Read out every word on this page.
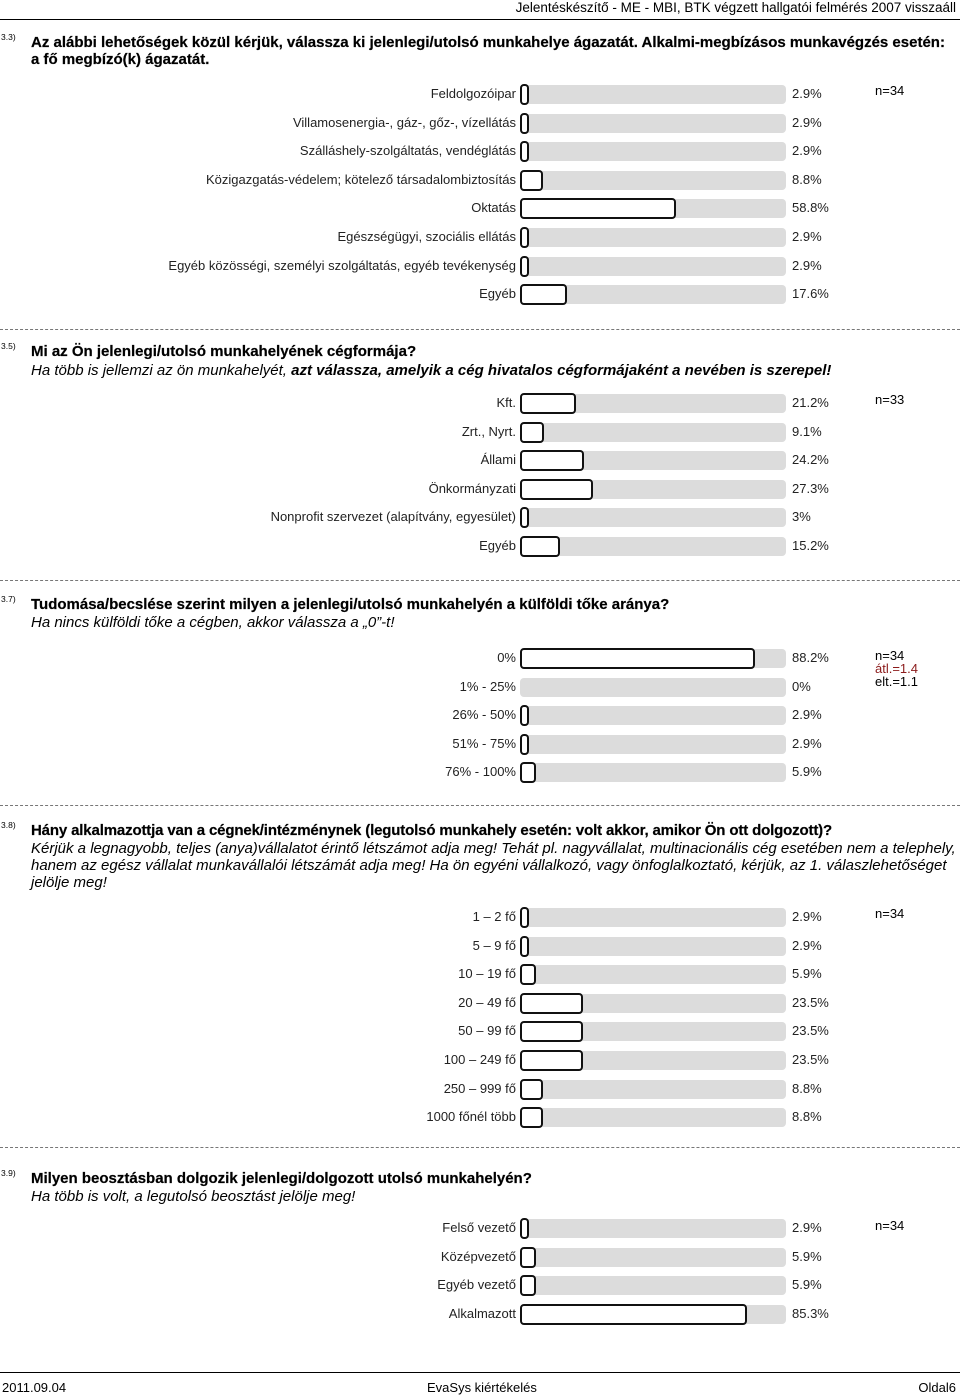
Jelentéskészítő - ME - MBI, BTK végzett hallgatói felmérés 2007 visszaáll
3.3) Az alábbi lehetőségek közül kérjük, válassza ki jelenlegi/utolsó munkahelye ágazatát. Alkalmi-megbízásos munkavégzés esetén: a fő megbízó(k) ágazatát.
n=34
Feldolgozóipar	2.9%
Villamosenergia-, gáz-, gőz-, vízellátás	2.9%
Szálláshely-szolgáltatás, vendéglátás	2.9%
Közigazgatás-védelem; kötelező társadalombiztosítás	8.8%
Oktatás	58.8%
Egészségügyi, szociális ellátás	2.9%
Egyéb közösségi, személyi szolgáltatás, egyéb tevékenység	2.9%
Egyéb	17.6%
3.5) Mi az Ön jelenlegi/utolsó munkahelyének cégformája?
Ha több is jellemzi az ön munkahelyét, azt válassza, amelyik a cég hivatalos cégformájaként a nevében is szerepel!
n=33
Kft.	21.2%
Zrt., Nyrt.	9.1%
Állami	24.2%
Önkormányzati	27.3%
Nonprofit szervezet (alapítvány, egyesület)	3%
Egyéb	15.2%
3.7) Tudomása/becslése szerint milyen a jelenlegi/utolsó munkahelyén a külföldi tőke aránya?
Ha nincs külföldi tőke a cégben, akkor válassza a „0”-t!
n=34
átl.=1.4
elt.=1.1
0%	88.2%
1% - 25%	0%
26% - 50%	2.9%
51% - 75%	2.9%
76% - 100%	5.9%
3.8) Hány alkalmazottja van a cégnek/intézménynek (legutolsó munkahely esetén: volt akkor, amikor Ön ott dolgozott)?
Kérjük a legnagyobb, teljes (anya)vállalatot érintő létszámot adja meg! Tehát pl. nagyvállalat, multinacionális cég esetében nem a telephely, hanem az egész vállalat munkavállalói létszámát adja meg! Ha ön egyéni vállalkozó, vagy önfoglalkoztató, kérjük, az 1. válaszlehetőséget jelölje meg!
n=34
1 – 2 fő	2.9%
5 – 9 fő	2.9%
10 – 19 fő	5.9%
20 – 49 fő	23.5%
50 – 99 fő	23.5%
100 – 249 fő	23.5%
250 – 999 fő	8.8%
1000 főnél több	8.8%
3.9) Milyen beosztásban dolgozik jelenlegi/dolgozott utolsó munkahelyén?
Ha több is volt, a legutolsó beosztást jelölje meg!
n=34
Felső vezető	2.9%
Középvezető	5.9%
Egyéb vezető	5.9%
Alkalmazott	85.3%
2011.09.04	EvaSys kiértékelés	Oldal6
